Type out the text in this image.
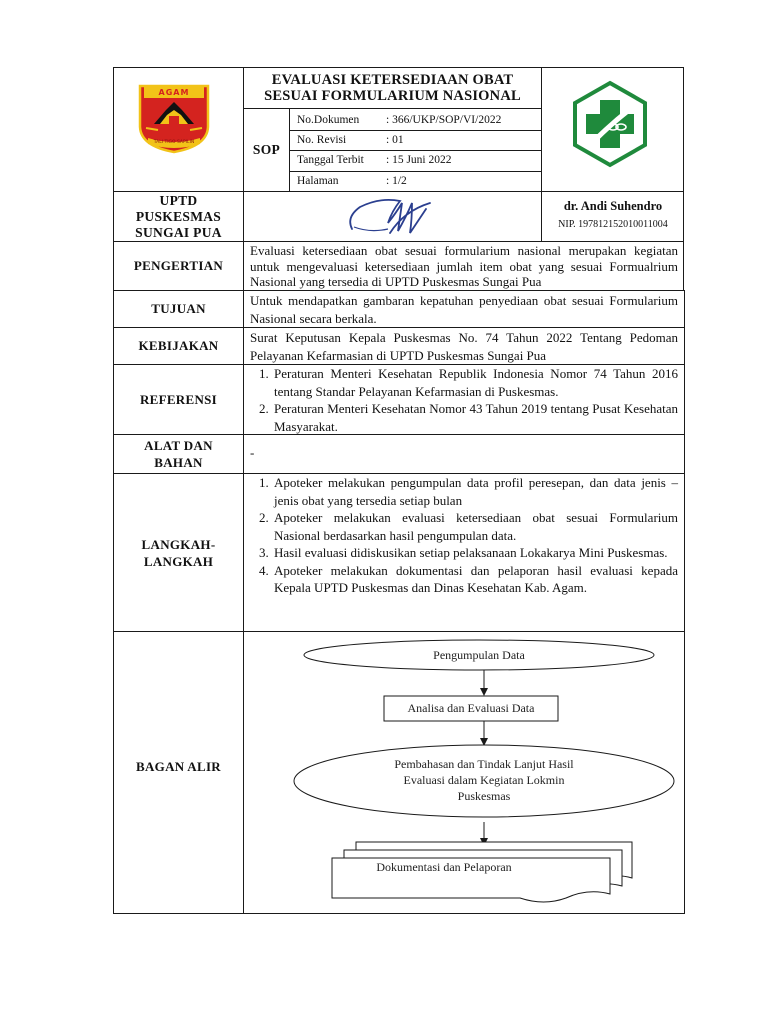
AGAM
TALI TIGO SAPILIN
EVALUASI KETERSEDIAAN OBAT
SESUAI FORMULARIUM NASIONAL
SOP
No.Dokumen	: 366/UKP/SOP/VI/2022
No. Revisi	: 01
Tanggal Terbit	: 15 Juni 2022
Halaman	: 1/2
UPTD
PUSKESMAS
SUNGAI PUA
dr. Andi Suhendro
NIP. 197812152010011004
PENGERTIAN
Evaluasi ketersediaan obat sesuai formularium nasional merupakan kegiatan untuk mengevaluasi ketersediaan jumlah item obat yang sesuai Formualrium Nasional yang tersedia di UPTD Puskesmas Sungai Pua
TUJUAN
Untuk mendapatkan gambaran kepatuhan penyediaan obat sesuai Formularium Nasional secara berkala.
KEBIJAKAN
Surat Keputusan Kepala Puskesmas No. 74 Tahun 2022 Tentang Pedoman Pelayanan Kefarmasian di UPTD Puskesmas Sungai Pua
REFERENSI
1. Peraturan Menteri Kesehatan Republik Indonesia Nomor 74 Tahun 2016 tentang Standar Pelayanan Kefarmasian di Puskesmas.
2. Peraturan Menteri Kesehatan Nomor 43 Tahun 2019 tentang Pusat Kesehatan Masyarakat.
ALAT DAN
BAHAN
-
LANGKAH-
LANGKAH
1. Apoteker melakukan pengumpulan data profil peresepan, dan data jenis – jenis obat yang tersedia setiap bulan
2. Apoteker melakukan evaluasi ketersediaan obat sesuai Formularium Nasional berdasarkan hasil pengumpulan data.
3. Hasil evaluasi didiskusikan setiap pelaksanaan Lokakarya Mini Puskesmas.
4. Apoteker melakukan dokumentasi dan pelaporan hasil evaluasi kepada Kepala UPTD Puskesmas dan Dinas Kesehatan Kab. Agam.
BAGAN ALIR
Pengumpulan Data
Analisa dan Evaluasi Data
Pembahasan dan Tindak Lanjut Hasil
Evaluasi dalam Kegiatan Lokmin
Puskesmas
Dokumentasi dan Pelaporan
